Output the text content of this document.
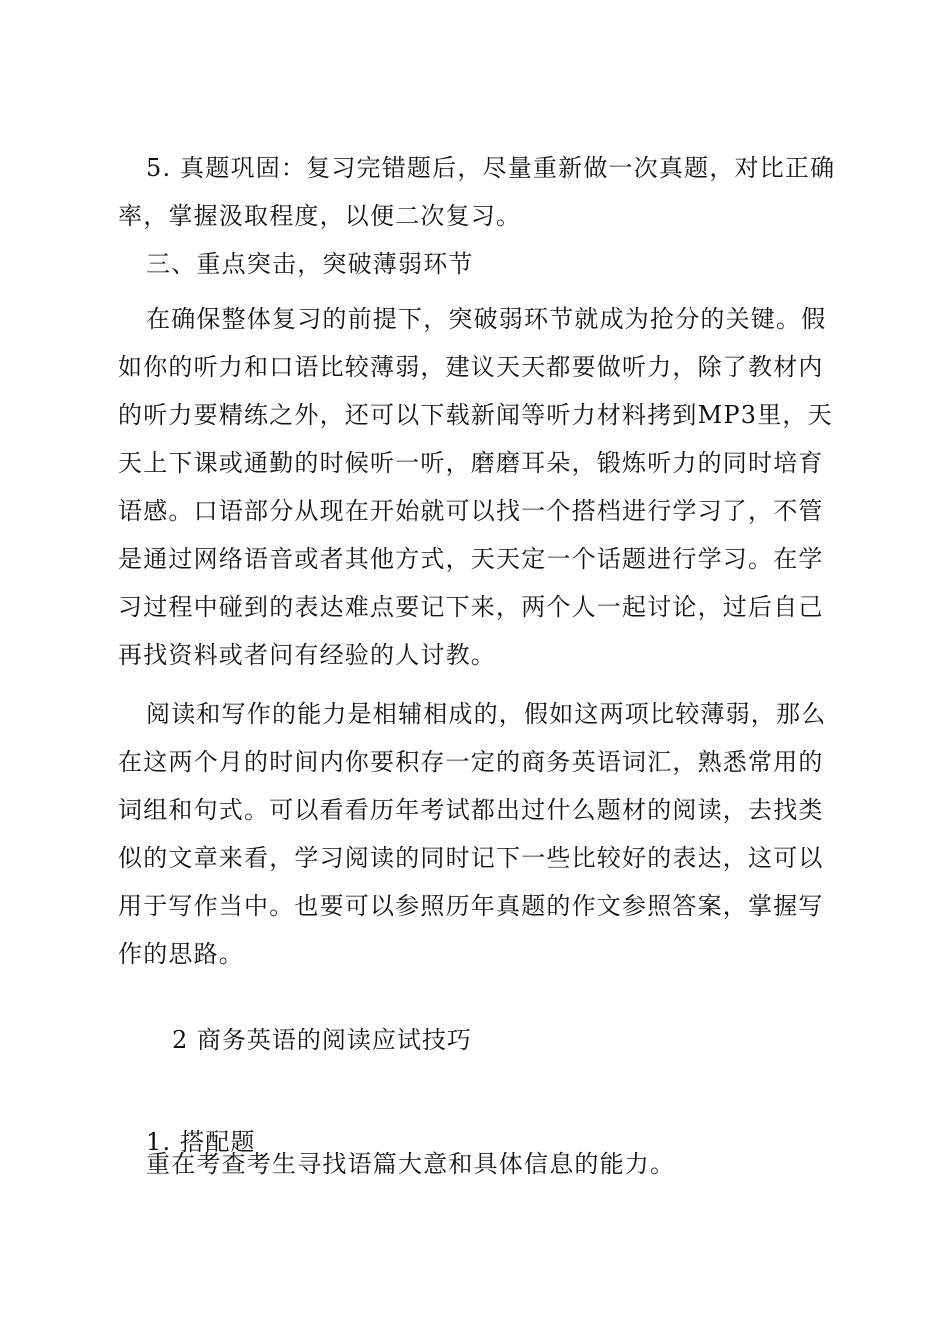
5. 真题巩固：复习完错题后，尽量重新做一次真题，对比正确率，掌握汲取程度，以便二次复习。

三、重点突击，突破薄弱环节

在确保整体复习的前提下，突破弱环节就成为抢分的关键。假如你的听力和口语比较薄弱，建议天天都要做听力，除了教材内的听力要精练之外，还可以下载新闻等听力材料拷到MP3里，天天上下课或通勤的时候听一听，磨磨耳朵，锻炼听力的同时培育语感。口语部分从现在开始就可以找一个搭档进行学习了，不管是通过网络语音或者其他方式，天天定一个话题进行学习。在学习过程中碰到的表达难点要记下来，两个人一起讨论，过后自己再找资料或者问有经验的人讨教。

阅读和写作的能力是相辅相成的，假如这两项比较薄弱，那么在这两个月的时间内你要积存一定的商务英语词汇，熟悉常用的词组和句式。可以看看历年考试都出过什么题材的阅读，去找类似的文章来看，学习阅读的同时记下一些比较好的表达，这可以用于写作当中。也要可以参照历年真题的作文参照答案，掌握写作的思路。

2 商务英语的阅读应试技巧

1. 搭配题

重在考查考生寻找语篇大意和具体信息的能力。
